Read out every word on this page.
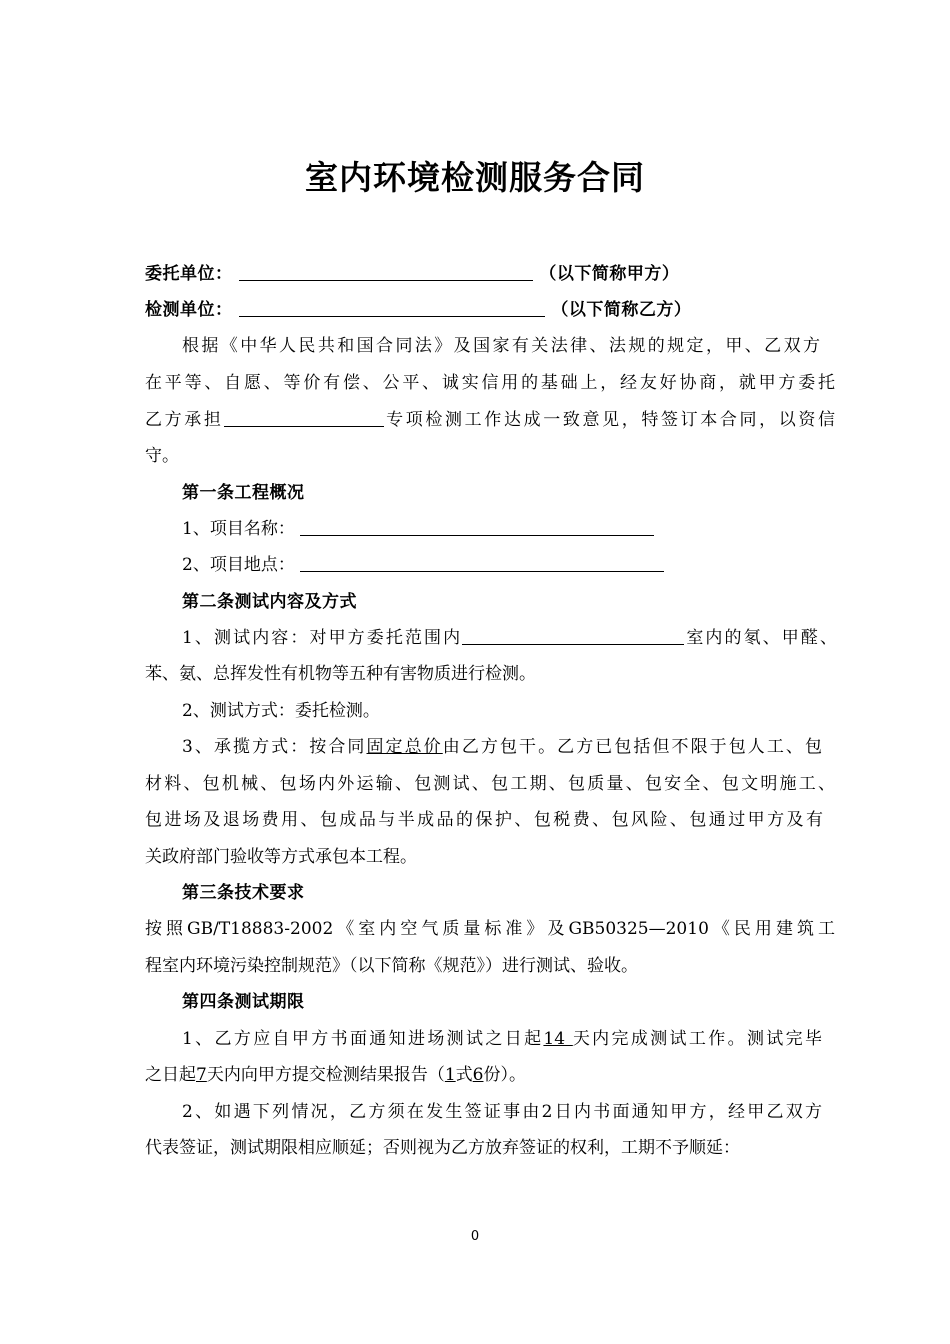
室内环境检测服务合同
委托单位：	（以下简称甲方）
检测单位：	（以下简称乙方）
根据《中华人民共和国合同法》及国家有关法律、法规的规定，甲、乙双方
在平等、自愿、等价有偿、公平、诚实信用的基础上，经友好协商，就甲方委托
乙方承担	专项检测工作达成一致意见，特签订本合同，以资信
守。
第一条工程概况
1、项目名称：
2、项目地点：
第二条测试内容及方式
1、测试内容：对甲方委托范围内	室内的氡、甲醛、
苯、氨、总挥发性有机物等五种有害物质进行检测。
2、测试方式：委托检测。
3、承揽方式：按合同固定总价由乙方包干。乙方已包括但不限于包人工、包
材料、包机械、包场内外运输、包测试、包工期、包质量、包安全、包文明施工、
包进场及退场费用、包成品与半成品的保护、包税费、包风险、包通过甲方及有
关政府部门验收等方式承包本工程。
第三条技术要求
按照GB/T18883-2002《室内空气质量标准》及GB50325—2010《民用建筑工
程室内环境污染控制规范》（以下简称《规范》）进行测试、验收。
第四条测试期限
1、乙方应自甲方书面通知进场测试之日起14 天内完成测试工作。测试完毕
之日起7天内向甲方提交检测结果报告（1式6份）。
2、如遇下列情况，乙方须在发生签证事由2日内书面通知甲方，经甲乙双方
代表签证，测试期限相应顺延；否则视为乙方放弃签证的权利，工期不予顺延：
0
